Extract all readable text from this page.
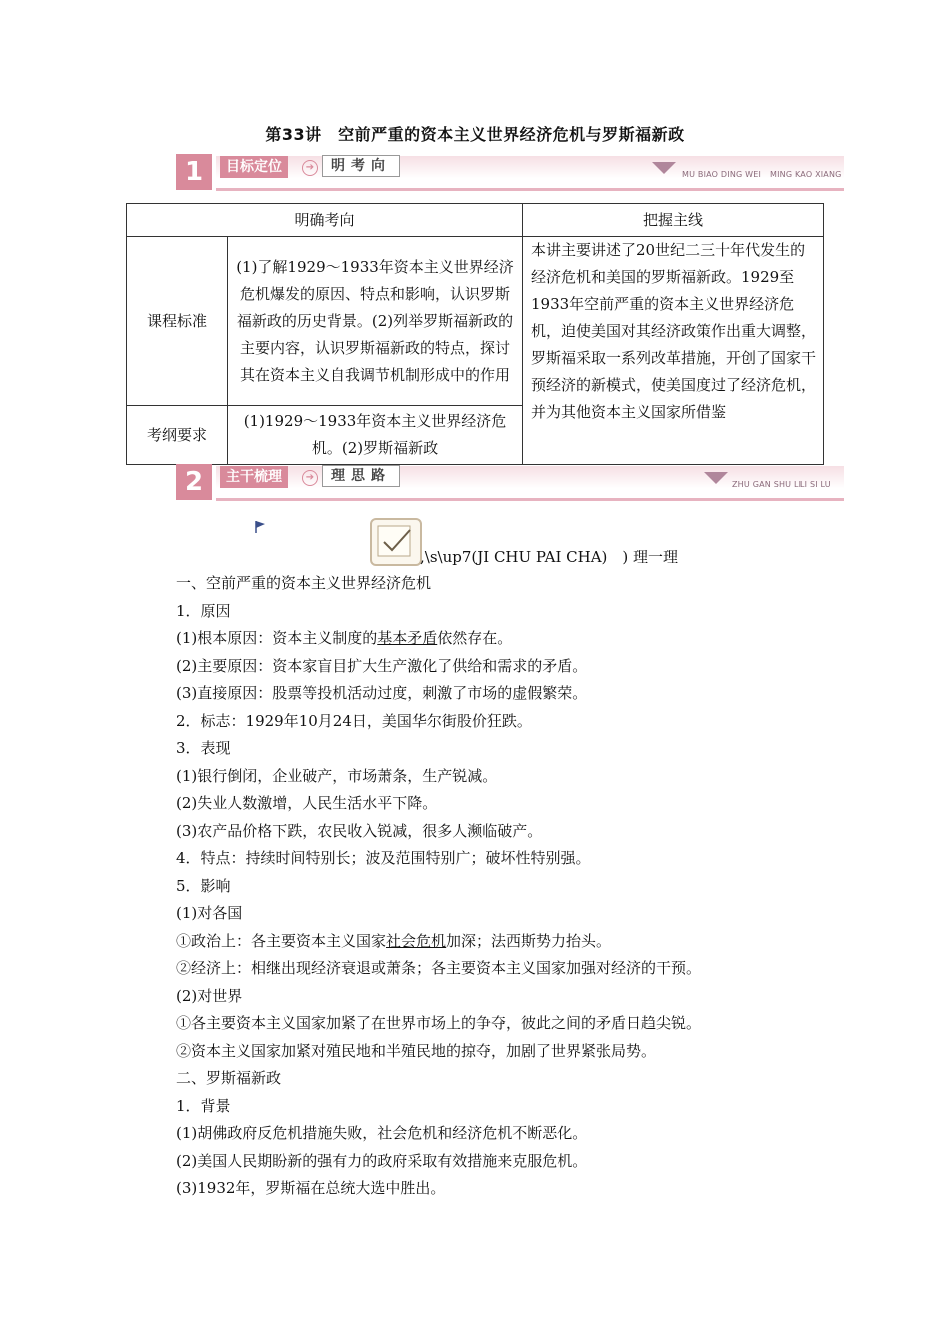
第33讲　空前严重的资本主义世界经济危机与罗斯福新政
1	目标定位	➔	明考向
MU BIAO DING WEI MING KAO XIANG
明确考向		把握主线
课程标准	(1)了解1929～1933年资本主义世界经济危机爆发的原因、特点和影响，认识罗斯福新政的历史背景。(2)列举罗斯福新政的主要内容，认识罗斯福新政的特点，探讨其在资本主义自我调节机制形成中的作用	本讲主要讲述了20世纪二三十年代发生的经济危机和美国的罗斯福新政。1929至1933年空前严重的资本主义世界经济危机，迫使美国对其经济政策作出重大调整，罗斯福采取一系列改革措施，开创了国家干预经济的新模式，使美国度过了经济危机，并为其他资本主义国家所借鉴
考纲要求	(1)1929～1933年资本主义世界经济危机。(2)罗斯福新政	
2	主干梳理	➔	理思路
ZHU GAN SHU LI
LI SI LU
,\s\up7(JI CHU PAI CHA)　) 理一理

一、空前严重的资本主义世界经济危机

1．原因

(1)根本原因：资本主义制度的基本矛盾依然存在。

(2)主要原因：资本家盲目扩大生产激化了供给和需求的矛盾。

(3)直接原因：股票等投机活动过度，刺激了市场的虚假繁荣。

2．标志：1929年10月24日，美国华尔街股价狂跌。

3．表现

(1)银行倒闭，企业破产，市场萧条，生产锐减。

(2)失业人数激增，人民生活水平下降。

(3)农产品价格下跌，农民收入锐减，很多人濒临破产。

4．特点：持续时间特别长；波及范围特别广；破坏性特别强。

5．影响

(1)对各国

①政治上：各主要资本主义国家社会危机加深；法西斯势力抬头。

②经济上：相继出现经济衰退或萧条；各主要资本主义国家加强对经济的干预。

(2)对世界

①各主要资本主义国家加紧了在世界市场上的争夺，彼此之间的矛盾日趋尖锐。

②资本主义国家加紧对殖民地和半殖民地的掠夺，加剧了世界紧张局势。

二、罗斯福新政

1．背景

(1)胡佛政府反危机措施失败，社会危机和经济危机不断恶化。

(2)美国人民期盼新的强有力的政府采取有效措施来克服危机。

(3)1932年，罗斯福在总统大选中胜出。
